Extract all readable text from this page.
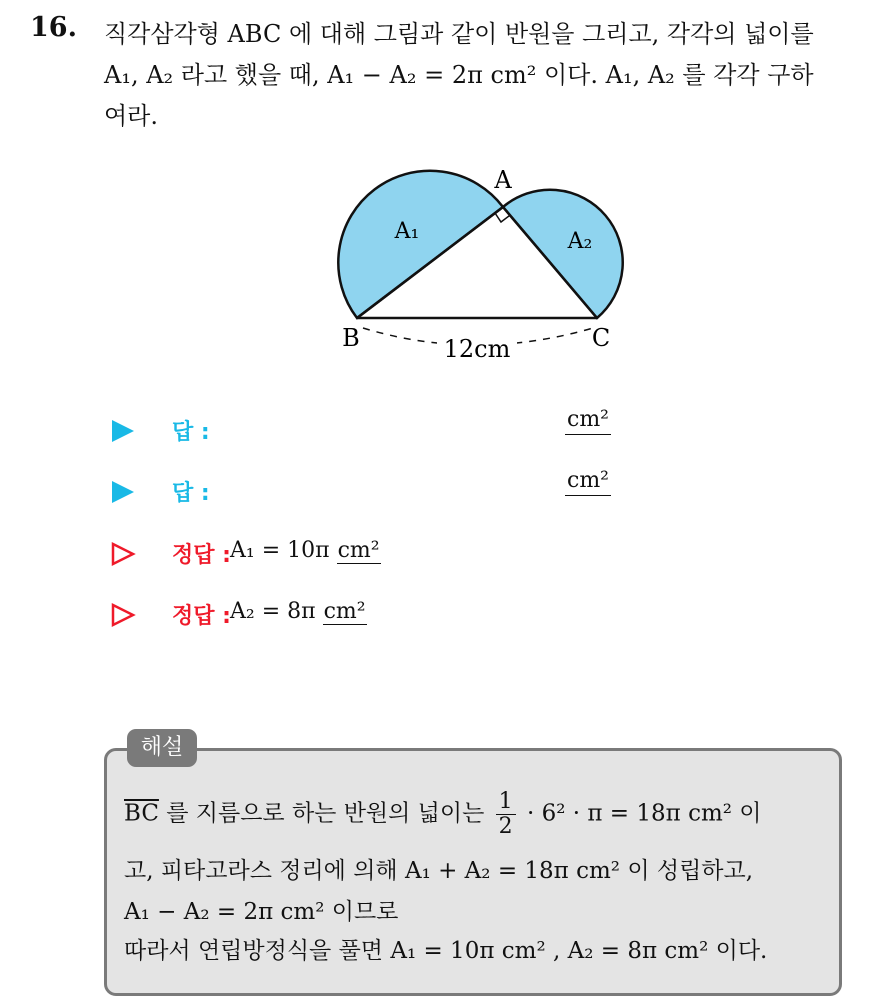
16. 직각삼각형 ABC 에 대해 그림과 같이 반원을 그리고, 각각의 넓이를
A₁, A₂ 라고 했을 때, A₁ − A₂ = 2π cm² 이다. A₁, A₂ 를 각각 구하
여라.
A
B	C
A₁	A₂
12cm
답 :
cm²
답 :
cm²
정답 : A₁ = 10π cm²
정답 : A₂ = 8π cm²
해설
$\overline{BC}$ 를 지름으로 하는 반원의 넓이는 $\frac{1}{2} \cdot 6^2 \cdot \pi = 18\pi$ cm² 이
고, 피타고라스 정리에 의해 A₁ + A₂ = 18π cm² 이 성립하고,
A₁ − A₂ = 2π cm² 이므로
따라서 연립방정식을 풀면 A₁ = 10π cm² , A₂ = 8π cm² 이다.
